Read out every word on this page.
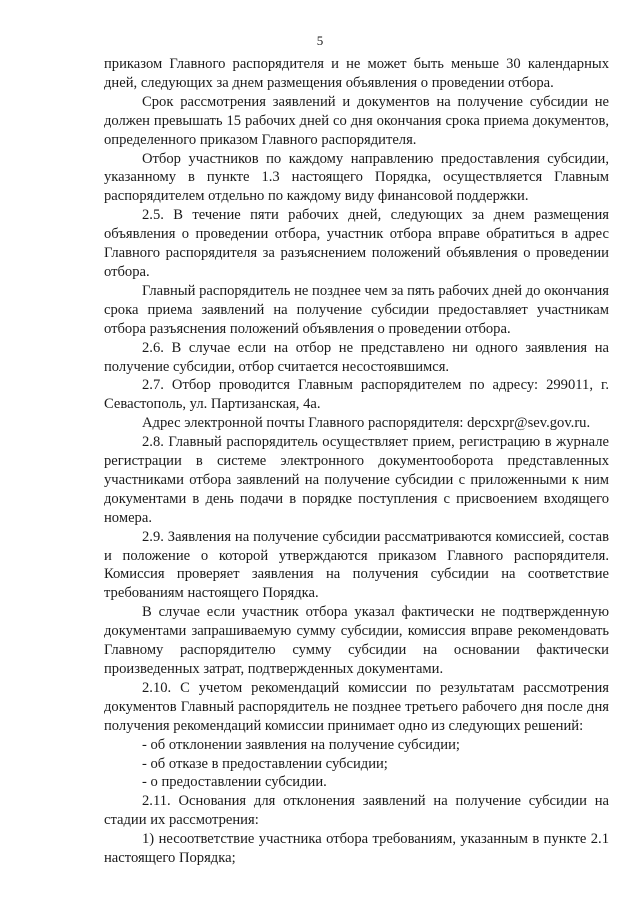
5

приказом Главного распорядителя и не может быть меньше 30 календарных дней, следующих за днем размещения объявления о проведении отбора.

Срок рассмотрения заявлений и документов на получение субсидии не должен превышать 15 рабочих дней со дня окончания срока приема документов, определенного приказом Главного распорядителя.

Отбор участников по каждому направлению предоставления субсидии, указанному в пункте 1.3 настоящего Порядка, осуществляется Главным распорядителем отдельно по каждому виду финансовой поддержки.

2.5. В течение пяти рабочих дней, следующих за днем размещения объявления о проведении отбора, участник отбора вправе обратиться в адрес Главного распорядителя за разъяснением положений объявления о проведении отбора.

Главный распорядитель не позднее чем за пять рабочих дней до окончания срока приема заявлений на получение субсидии предоставляет участникам отбора разъяснения положений объявления о проведении отбора.

2.6. В случае если на отбор не представлено ни одного заявления на получение субсидии, отбор считается несостоявшимся.

2.7. Отбор проводится Главным распорядителем по адресу: 299011, г. Севастополь, ул. Партизанская, 4а.

Адрес электронной почты Главного распорядителя: depcxpr@sev.gov.ru.

2.8. Главный распорядитель осуществляет прием, регистрацию в журнале регистрации в системе электронного документооборота представленных участниками отбора заявлений на получение субсидии с приложенными к ним документами в день подачи в порядке поступления с присвоением входящего номера.

2.9. Заявления на получение субсидии рассматриваются комиссией, состав и положение о которой утверждаются приказом Главного распорядителя. Комиссия проверяет заявления на получения субсидии на соответствие требованиям настоящего Порядка.

В случае если участник отбора указал фактически не подтвержденную документами запрашиваемую сумму субсидии, комиссия вправе рекомендовать Главному распорядителю сумму субсидии на основании фактически произведенных затрат, подтвержденных документами.

2.10. С учетом рекомендаций комиссии по результатам рассмотрения документов Главный распорядитель не позднее третьего рабочего дня после дня получения рекомендаций комиссии принимает одно из следующих решений:

- об отклонении заявления на получение субсидии;

- об отказе в предоставлении субсидии;

- о предоставлении субсидии.

2.11. Основания для отклонения заявлений на получение субсидии на стадии их рассмотрения:

1) несоответствие участника отбора требованиям, указанным в пункте 2.1 настоящего Порядка;
